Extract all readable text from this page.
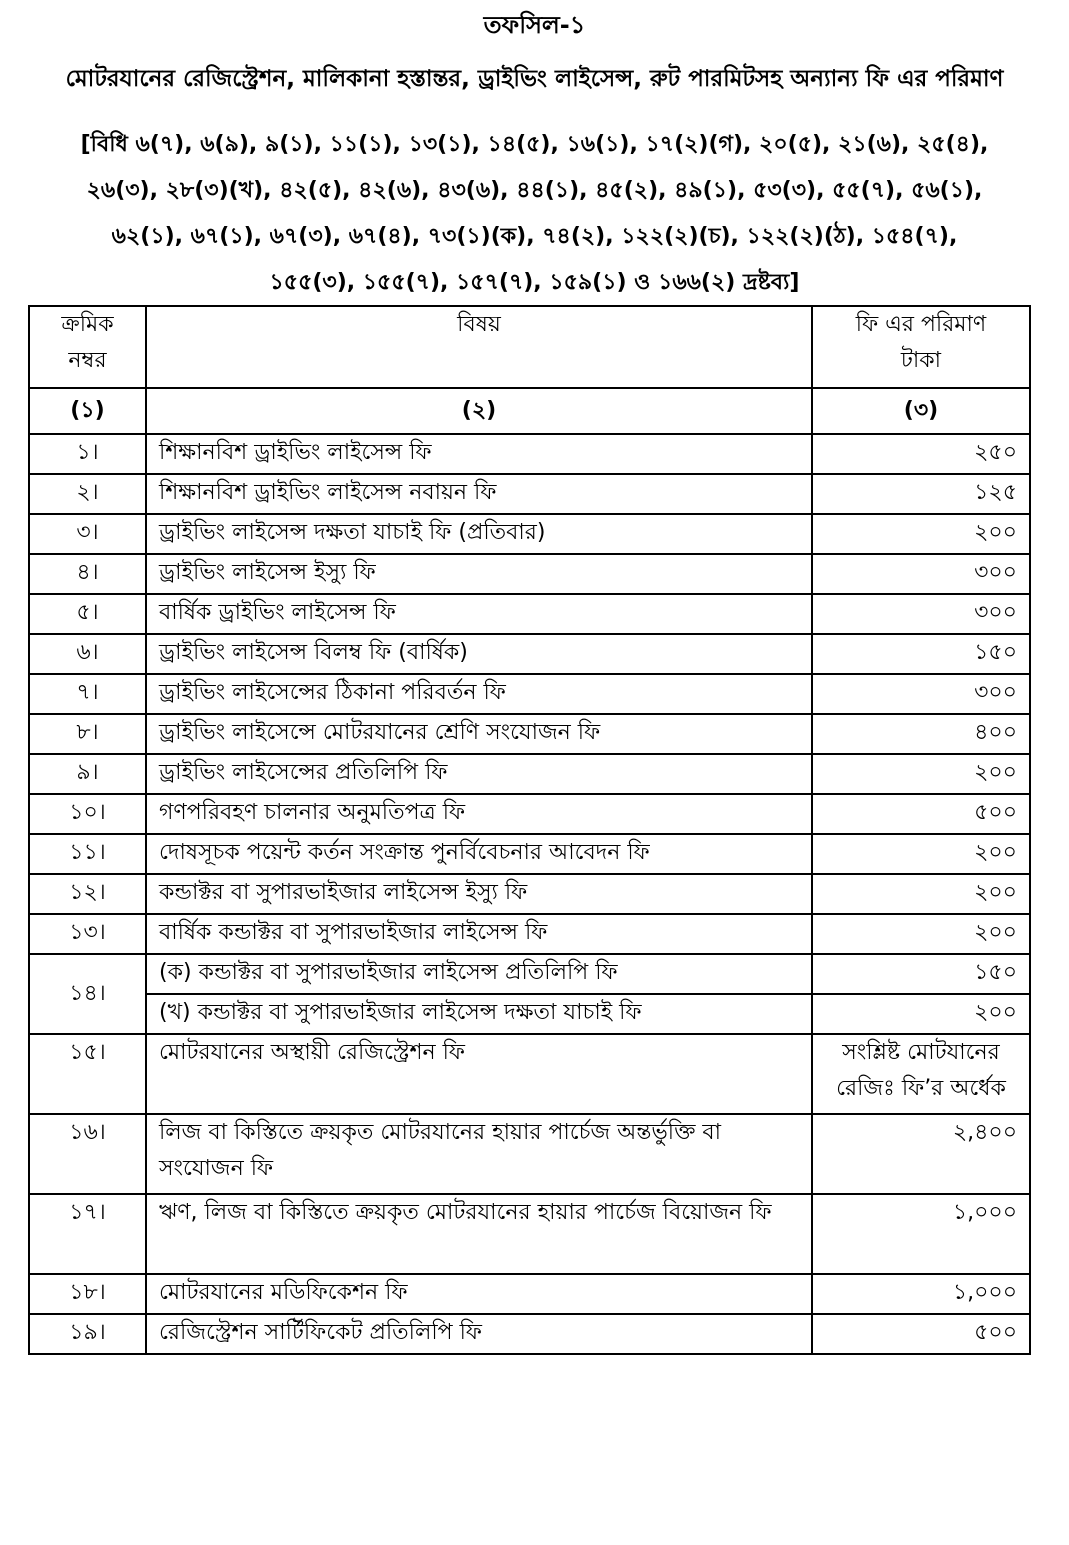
তফসিল-১
মোটরযানের রেজিস্ট্রেশন, মালিকানা হস্তান্তর, ড্রাইভিং লাইসেন্স, রুট পারমিটসহ অন্যান্য ফি এর পরিমাণ
[বিধি ৬(৭), ৬(৯), ৯(১), ১১(১), ১৩(১), ১৪(৫), ১৬(১), ১৭(২)(গ), ২০(৫), ২১(৬), ২৫(৪),
২৬(৩), ২৮(৩)(খ), ৪২(৫), ৪২(৬), ৪৩(৬), ৪৪(১), ৪৫(২), ৪৯(১), ৫৩(৩), ৫৫(৭), ৫৬(১),
৬২(১), ৬৭(১), ৬৭(৩), ৬৭(৪), ৭৩(১)(ক), ৭৪(২), ১২২(২)(চ), ১২২(২)(ঠ), ১৫৪(৭),
১৫৫(৩), ১৫৫(৭), ১৫৭(৭), ১৫৯(১) ও ১৬৬(২) দ্রষ্টব্য]
ক্রমিক
নম্বর	বিষয়	ফি এর পরিমাণ
টাকা

(১)	(২)	(৩)
১।	শিক্ষানবিশ ড্রাইভিং লাইসেন্স ফি	২৫০
২।	শিক্ষানবিশ ড্রাইভিং লাইসেন্স নবায়ন ফি	১২৫
৩।	ড্রাইভিং লাইসেন্স দক্ষতা যাচাই ফি (প্রতিবার)	২০০
৪।	ড্রাইভিং লাইসেন্স ইস্যু ফি	৩০০
৫।	বার্ষিক ড্রাইভিং লাইসেন্স ফি	৩০০
৬।	ড্রাইভিং লাইসেন্স বিলম্ব ফি (বার্ষিক)	১৫০
৭।	ড্রাইভিং লাইসেন্সের ঠিকানা পরিবর্তন ফি	৩০০
৮।	ড্রাইভিং লাইসেন্সে মোটরযানের শ্রেণি সংযোজন ফি	৪০০
৯।	ড্রাইভিং লাইসেন্সের প্রতিলিপি ফি	২০০
১০।	গণপরিবহণ চালনার অনুমতিপত্র ফি	৫০০
১১।	দোষসূচক পয়েন্ট কর্তন সংক্রান্ত পুনর্বিবেচনার আবেদন ফি	২০০
১২।	কন্ডাক্টর বা সুপারভাইজার লাইসেন্স ইস্যু ফি	২০০
১৩।	বার্ষিক কন্ডাক্টর বা সুপারভাইজার লাইসেন্স ফি	২০০
১৪।	(ক) কন্ডাক্টর বা সুপারভাইজার লাইসেন্স প্রতিলিপি ফি	১৫০
	(খ) কন্ডাক্টর বা সুপারভাইজার লাইসেন্স দক্ষতা যাচাই ফি	২০০
১৫।	মোটরযানের অস্থায়ী রেজিস্ট্রেশন ফি	সংশ্লিষ্ট মোটযানের রেজিঃ ফি’র অর্ধেক
১৬।	লিজ বা কিস্তিতে ক্রয়কৃত মোটরযানের হায়ার পার্চেজ অন্তর্ভুক্তি বা সংযোজন ফি	২,৪০০
১৭।	ঋণ, লিজ বা কিস্তিতে ক্রয়কৃত মোটরযানের হায়ার পার্চেজ বিয়োজন ফি	১,০০০
১৮।	মোটরযানের মডিফিকেশন ফি	১,০০০
১৯।	রেজিস্ট্রেশন সার্টিফিকেট প্রতিলিপি ফি	৫০০
